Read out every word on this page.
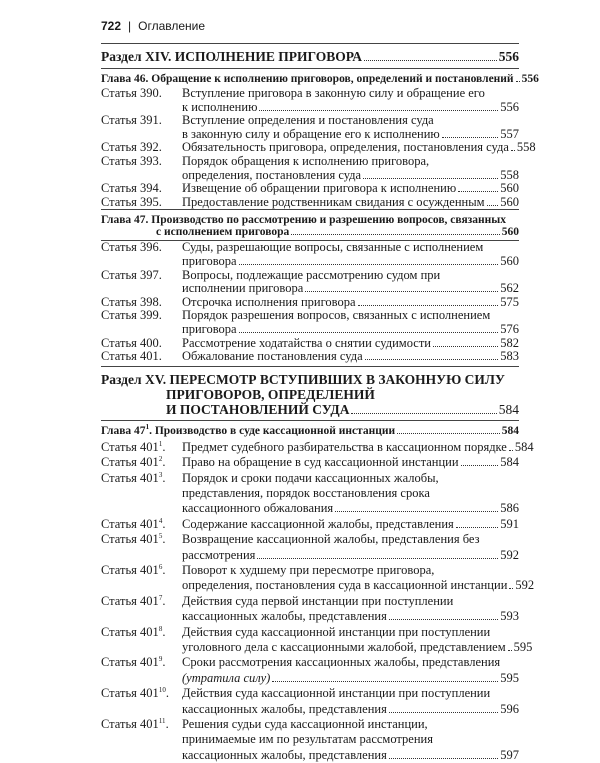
722 | Оглавление
Раздел XIV. ИСПОЛНЕНИЕ ПРИГОВОРА	556
Глава 46. Обращение к исполнению приговоров, определений и постановлений 556
Статья 390.	Вступление приговора в законную силу и обращение его
к исполнению	556
Статья 391.	Вступление определения и постановления суда
в законную силу и обращение его к исполнению	557
Статья 392.	Обязательность приговора, определения, постановления суда 558
Статья 393.	Порядок обращения к исполнению приговора,
определения, постановления суда	558
Статья 394.	Извещение об обращении приговора к исполнению	560
Статья 395.	Предоставление родственникам свидания с осужденным 560
Глава 47. Производство по рассмотрению и разрешению вопросов, связанных
с исполнением приговора	560
Статья 396.	Суды, разрешающие вопросы, связанные с исполнением
приговора	560
Статья 397.	Вопросы, подлежащие рассмотрению судом при
исполнении приговора	562
Статья 398.	Отсрочка исполнения приговора	575
Статья 399.	Порядок разрешения вопросов, связанных с исполнением
приговора	576
Статья 400.	Рассмотрение ходатайства о снятии судимости	582
Статья 401.	Обжалование постановления суда	583
Раздел XV. ПЕРЕСМОТР ВСТУПИВШИХ В ЗАКОННУЮ СИЛУ
ПРИГОВОРОВ, ОПРЕДЕЛЕНИЙ
И ПОСТАНОВЛЕНИЙ СУДА	584
Глава $47^1$. Производство в суде кассационной инстанции	584
Статья $401^1$.	Предмет судебного разбирательства в кассационном порядке 584
Статья $401^2$.	Право на обращение в суд кассационной инстанции	584
Статья $401^3$.	Порядок и сроки подачи кассационных жалобы,
представления, порядок восстановления срока
кассационного обжалования	586
Статья $401^4$.	Содержание кассационной жалобы, представления	591
Статья $401^5$.	Возвращение кассационной жалобы, представления без
рассмотрения	592
Статья $401^6$.	Поворот к худшему при пересмотре приговора,
определения, постановления суда в кассационной инстанции 592
Статья $401^7$.	Действия суда первой инстанции при поступлении
кассационных жалобы, представления	593
Статья $401^8$.	Действия суда кассационной инстанции при поступлении
уголовного дела с кассационными жалобой, представлением 595
Статья $401^9$.	Сроки рассмотрения кассационных жалобы, представления
(утратила силу)	595
Статья $401^{10}$.	Действия суда кассационной инстанции при поступлении
кассационных жалобы, представления	596
Статья $401^{11}$.	Решения судьи суда кассационной инстанции,
принимаемые им по результатам рассмотрения
кассационных жалобы, представления	597
